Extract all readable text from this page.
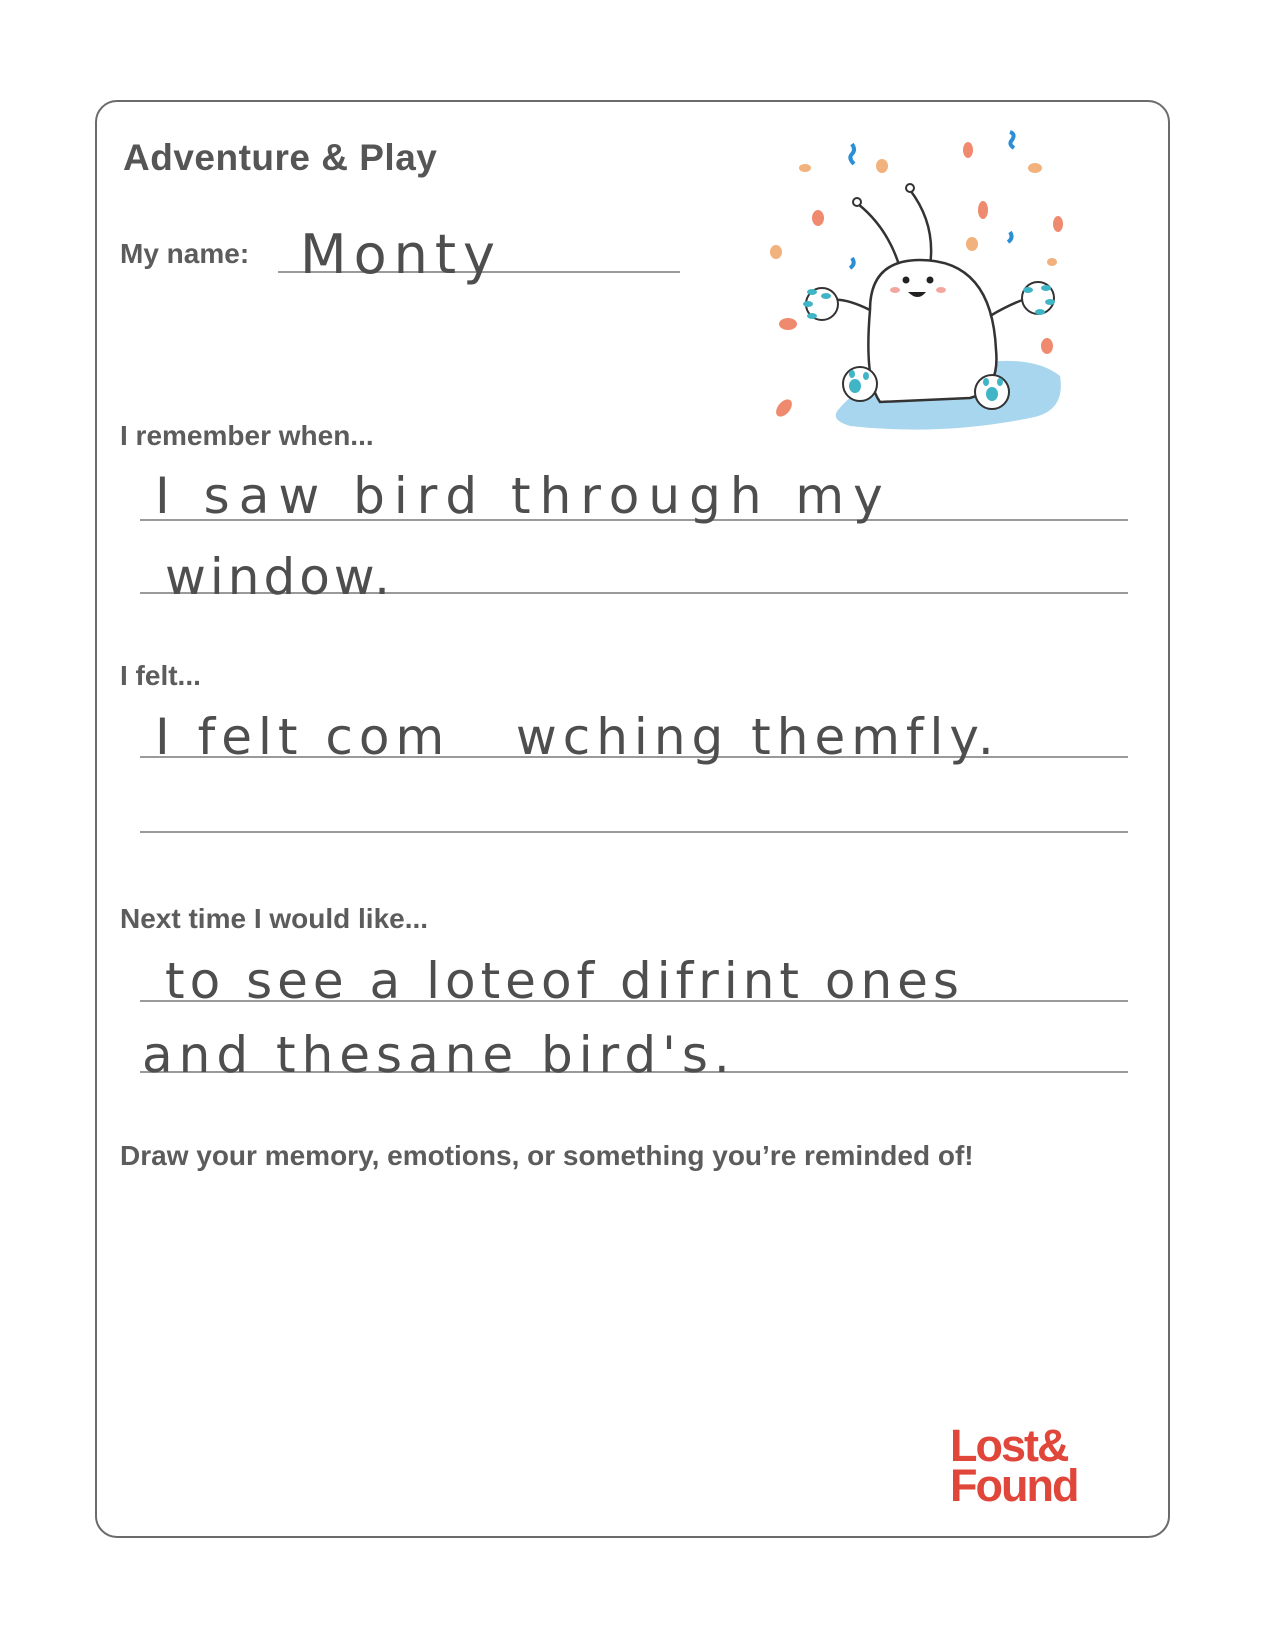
Adventure & Play
My name: Monty
I remember when...
I saw bird through my
window.
I felt...
I felt com   wching themfly.
Next time I would like...
to see a loteof difrint ones
and thesane bird's.
Draw your memory, emotions, or something you’re reminded of!
Lost&
Found
